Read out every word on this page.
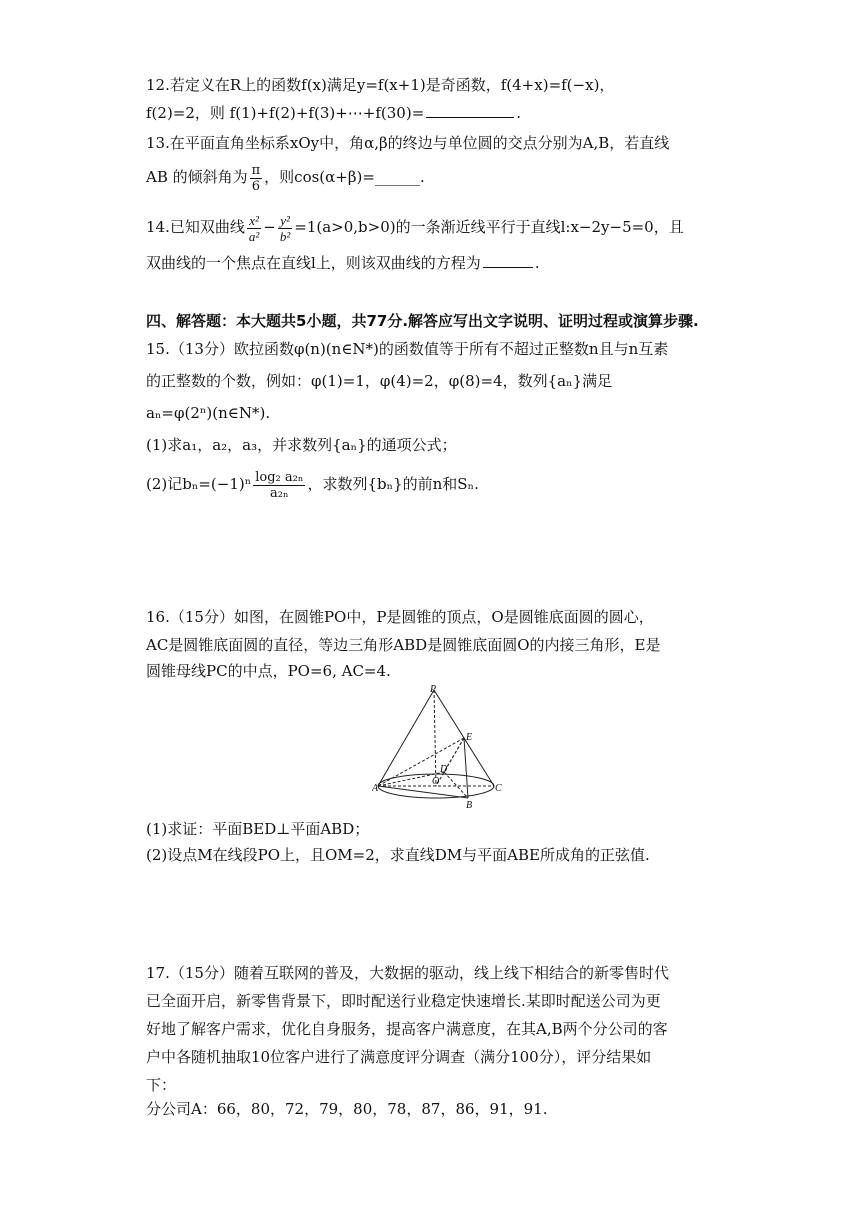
12.若定义在R上的函数f(x)满足y=f(x+1)是奇函数，f(4+x)=f(−x)，
f(2)=2，则 f(1)+f(2)+f(3)+⋯+f(30)=	.
13.在平面直角坐标系xOy中，角α,β的终边与单位圆的交点分别为A,B，若直线
AB 的倾斜角为 $\frac{\pi}{6}$ ，则cos(α+β)=______.
14.已知双曲线 $\frac{\text{x²}}{\text{a²}} - \frac{\text{y²}}{\text{b²}} =1(a>0,b>0)$的一条渐近线平行于直线l:x−2y−5=0，且
双曲线的一个焦点在直线l上，则该双曲线的方程为	.
四、解答题：本大题共5小题，共77分.解答应写出文字说明、证明过程或演算步骤.
15.（13分）欧拉函数φ(n)(n∈N*)的函数值等于所有不超过正整数n且与n互素
的正整数的个数，例如：φ(1)=1，φ(4)=2，φ(8)=4，数列{aₙ}满足
aₙ=φ(2ⁿ)(n∈N*).
(1)求a₁，a₂，a₃，并求数列{aₙ}的通项公式；
(2)记$b_n=(-1)^n \frac{\text{log₂ a₂ₙ}}{\text{a₂ₙ}}$ ，求数列{bₙ}的前n和Sₙ.
16.（15分）如图，在圆锥PO中，P是圆锥的顶点，O是圆锥底面圆的圆心，
AC是圆锥底面圆的直径，等边三角形ABD是圆锥底面圆O的内接三角形，E是
圆锥母线PC的中点，PO=6, AC=4.
P
E
D
O
A	C
B
(1)求证：平面BED⊥平面ABD；
(2)设点M在线段PO上，且OM=2，求直线DM与平面ABE所成角的正弦值.
17.（15分）随着互联网的普及，大数据的驱动，线上线下相结合的新零售时代
已全面开启，新零售背景下，即时配送行业稳定快速增长.某即时配送公司为更
好地了解客户需求，优化自身服务，提高客户满意度，在其A,B两个分公司的客
户中各随机抽取10位客户进行了满意度评分调查（满分100分），评分结果如
下：
分公司A：66，80，72，79，80，78，87，86，91，91.
